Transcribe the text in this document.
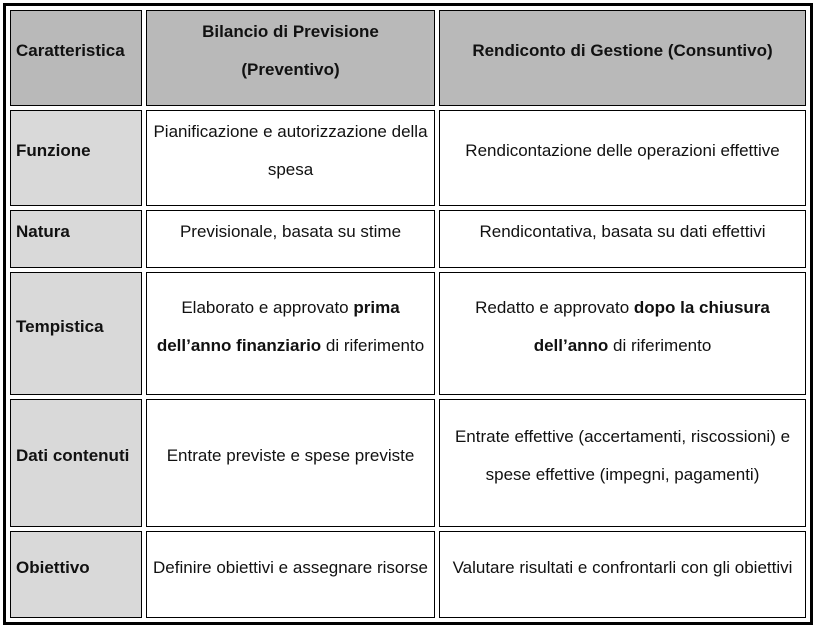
Caratteristica	Bilancio di Previsione (Preventivo)	Rendiconto di Gestione (Consuntivo)
Funzione	Pianificazione e autorizzazione della spesa	Rendicontazione delle operazioni effettive
Natura	Previsionale, basata su stime	Rendicontativa, basata su dati effettivi
Tempistica	Elaborato e approvato prima dell’anno finanziario di riferimento	Redatto e approvato dopo la chiusura dell’anno di riferimento
Dati contenuti	Entrate previste e spese previste	Entrate effettive (accertamenti, riscossioni) e spese effettive (impegni, pagamenti)
Obiettivo	Definire obiettivi e assegnare risorse	Valutare risultati e confrontarli con gli obiettivi
